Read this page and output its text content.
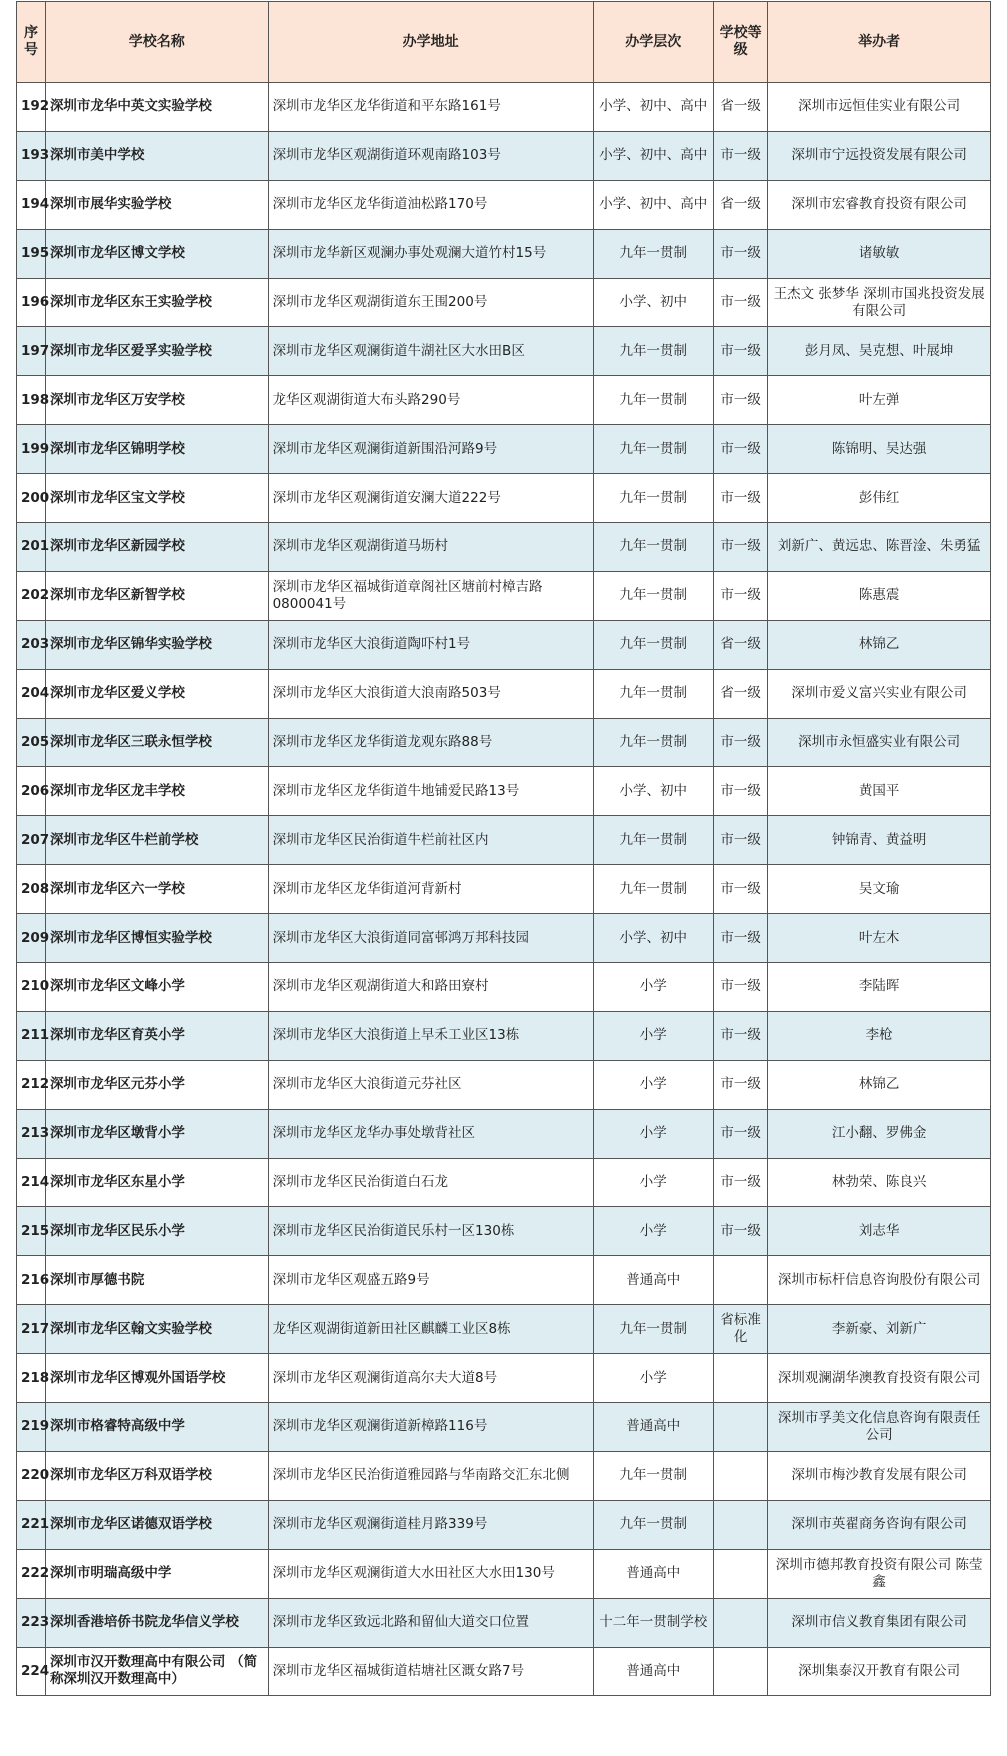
序号	学校名称	办学地址	办学层次	学校等级	举办者
192	深圳市龙华中英文实验学校	深圳市龙华区龙华街道和平东路161号	小学、初中、高中	省一级	深圳市远恒佳实业有限公司
193	深圳市美中学校	深圳市龙华区观湖街道环观南路103号	小学、初中、高中	市一级	深圳市宁远投资发展有限公司
194	深圳市展华实验学校	深圳市龙华区龙华街道油松路170号	小学、初中、高中	省一级	深圳市宏睿教育投资有限公司
195	深圳市龙华区博文学校	深圳市龙华新区观澜办事处观澜大道竹村15号	九年一贯制	市一级	诸敏敏
196	深圳市龙华区东王实验学校	深圳市龙华区观湖街道东王围200号	小学、初中	市一级	王杰文 张梦华 深圳市国兆投资发展有限公司
197	深圳市龙华区爱孚实验学校	深圳市龙华区观澜街道牛湖社区大水田B区	九年一贯制	市一级	彭月凤、吴克想、叶展坤
198	深圳市龙华区万安学校	龙华区观湖街道大布头路290号	九年一贯制	市一级	叶左弹
199	深圳市龙华区锦明学校	深圳市龙华区观澜街道新围沿河路9号	九年一贯制	市一级	陈锦明、吴达强
200	深圳市龙华区宝文学校	深圳市龙华区观澜街道安澜大道222号	九年一贯制	市一级	彭伟红
201	深圳市龙华区新园学校	深圳市龙华区观湖街道马坜村	九年一贯制	市一级	刘新广、黄远忠、陈晋淦、朱勇猛
202	深圳市龙华区新智学校	深圳市龙华区福城街道章阁社区塘前村樟吉路0800041号	九年一贯制	市一级	陈惠震
203	深圳市龙华区锦华实验学校	深圳市龙华区大浪街道陶吓村1号	九年一贯制	省一级	林锦乙
204	深圳市龙华区爱义学校	深圳市龙华区大浪街道大浪南路503号	九年一贯制	省一级	深圳市爱义富兴实业有限公司
205	深圳市龙华区三联永恒学校	深圳市龙华区龙华街道龙观东路88号	九年一贯制	市一级	深圳市永恒盛实业有限公司
206	深圳市龙华区龙丰学校	深圳市龙华区龙华街道牛地铺爱民路13号	小学、初中	市一级	黄国平
207	深圳市龙华区牛栏前学校	深圳市龙华区民治街道牛栏前社区内	九年一贯制	市一级	钟锦青、黄益明
208	深圳市龙华区六一学校	深圳市龙华区龙华街道河背新村	九年一贯制	市一级	吴文瑜
209	深圳市龙华区博恒实验学校	深圳市龙华区大浪街道同富邨鸿万邦科技园	小学、初中	市一级	叶左木
210	深圳市龙华区文峰小学	深圳市龙华区观湖街道大和路田寮村	小学	市一级	李陆晖
211	深圳市龙华区育英小学	深圳市龙华区大浪街道上早禾工业区13栋	小学	市一级	李枪
212	深圳市龙华区元芬小学	深圳市龙华区大浪街道元芬社区	小学	市一级	林锦乙
213	深圳市龙华区墩背小学	深圳市龙华区龙华办事处墩背社区	小学	市一级	江小翻、罗佛金
214	深圳市龙华区东星小学	深圳市龙华区民治街道白石龙	小学	市一级	林勃荣、陈良兴
215	深圳市龙华区民乐小学	深圳市龙华区民治街道民乐村一区130栋	小学	市一级	刘志华
216	深圳市厚德书院	深圳市龙华区观盛五路9号	普通高中		深圳市标杆信息咨询股份有限公司
217	深圳市龙华区翰文实验学校	龙华区观湖街道新田社区麒麟工业区8栋	九年一贯制	省标准化	李新豪、刘新广
218	深圳市龙华区博观外国语学校	深圳市龙华区观澜街道高尔夫大道8号	小学		深圳观澜湖华澳教育投资有限公司
219	深圳市格睿特高级中学	深圳市龙华区观澜街道新樟路116号	普通高中		深圳市孚美文化信息咨询有限责任公司
220	深圳市龙华区万科双语学校	深圳市龙华区民治街道雅园路与华南路交汇东北侧	九年一贯制		深圳市梅沙教育发展有限公司
221	深圳市龙华区诺德双语学校	深圳市龙华区观澜街道桂月路339号	九年一贯制		深圳市英翟商务咨询有限公司
222	深圳市明瑞高级中学	深圳市龙华区观澜街道大水田社区大水田130号	普通高中		深圳市德邦教育投资有限公司 陈莹鑫
223	深圳香港培侨书院龙华信义学校	深圳市龙华区致远北路和留仙大道交口位置	十二年一贯制学校		深圳市信义教育集团有限公司
224	深圳市汉开数理高中有限公司 （简称深圳汉开数理高中）	深圳市龙华区福城街道桔塘社区溉女路7号	普通高中		深圳集泰汉开教育有限公司
